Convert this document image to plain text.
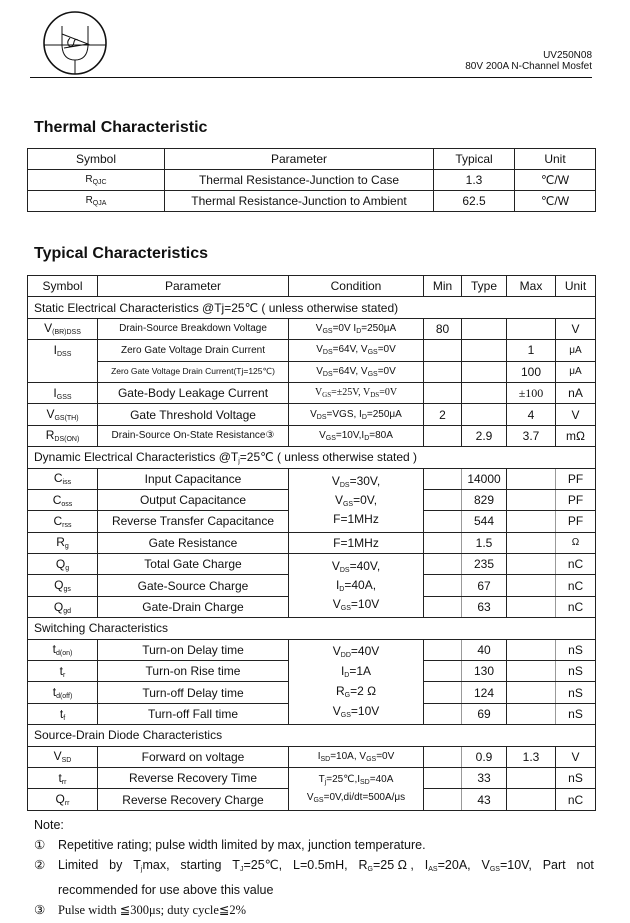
UV250N08
80V 200A N-Channel Mosfet
Thermal Characteristic
Symbol	Parameter	Typical	Unit
$R_{QJC}$	Thermal Resistance-Junction to Case	1.3	℃/W
$R_{QJA}$	Thermal Resistance-Junction to Ambient	62.5	℃/W
Typical Characteristics
Symbol	Parameter	Condition	Min	Type	Max	Unit
Static Electrical Characteristics @Tj=25℃ ( unless otherwise stated)						
$V_{(BR)DSS}$	Drain-Source Breakdown Voltage	$V_{GS}=0V$ $I_D=250\mu A$	80			V
$I_{DSS}$	Zero Gate Voltage Drain Current	$V_{DS}=64V$, $V_{GS}=0V$			1	μA
	Zero Gate Voltage Drain Current(Tj=125℃)	$V_{DS}=64V$, $V_{GS}=0V$			100	μA
$I_{GSS}$	Gate-Body Leakage Current	$V_{GS}=\pm 25V$, $V_{DS}=0V$			±100	nA
$V_{GS(TH)}$	Gate Threshold Voltage	$V_{DS}=VGS$, $I_D=250\mu A$	2		4	V
$R_{DS(ON)}$	Drain-Source On-State Resistance③	$V_{GS}=10V,I_D=80A$		2.9	3.7	mΩ
Dynamic Electrical Characteristics $@T_j=25℃$ ( unless otherwise stated )						
$C_{iss}$	Input Capacitance	$V_{DS}=30V$,
$V_{GS}=0V$,
F=1MHz		14000		PF
$C_{oss}$	Output Capacitance			829		PF
$C_{rss}$	Reverse Transfer Capacitance			544		PF
$R_g$	Gate Resistance	F=1MHz		1.5		Ω
$Q_g$	Total Gate Charge	$V_{DS}=40V$,
$I_D=40A$,
$V_{GS}=10V$		235		nC
$Q_{gs}$	Gate-Source Charge			67		nC
$Q_{gd}$	Gate-Drain Charge			63		nC
Switching Characteristics						
$t_{d(on)}$	Turn-on Delay time	$V_{DD}=40V$
$I_D=1A$
$R_G=2$ Ω
$V_{GS}=10V$		40		nS
$t_r$	Turn-on Rise time			130		nS
$t_{d(off)}$	Turn-off Delay time			124		nS
$t_f$	Turn-off Fall time			69		nS
Source-Drain Diode Characteristics						
$V_{SD}$	Forward on voltage	$I_{SD}=10A$, $V_{GS}=0V$		0.9	1.3	V
$t_{rr}$	Reverse Recovery Time	$T_j=25℃,I_{SD}=40A$
$V_{GS}=0V,di/dt=500A/\mu s$		33		nS
$Q_{rr}$	Reverse Recovery Charge			43		nC
Note:
①	Repetitive rating; pulse width limited by max, junction temperature.
②	Limited by $T_j\max$, starting $T_J=25℃$, L=0.5mH, $R_G=25$ Ω , $I_{AS}=20A$, $V_{GS}=10V$, Part not
recommended for use above this value
③	Pulse width ≦300μs; duty cycle≦2%
